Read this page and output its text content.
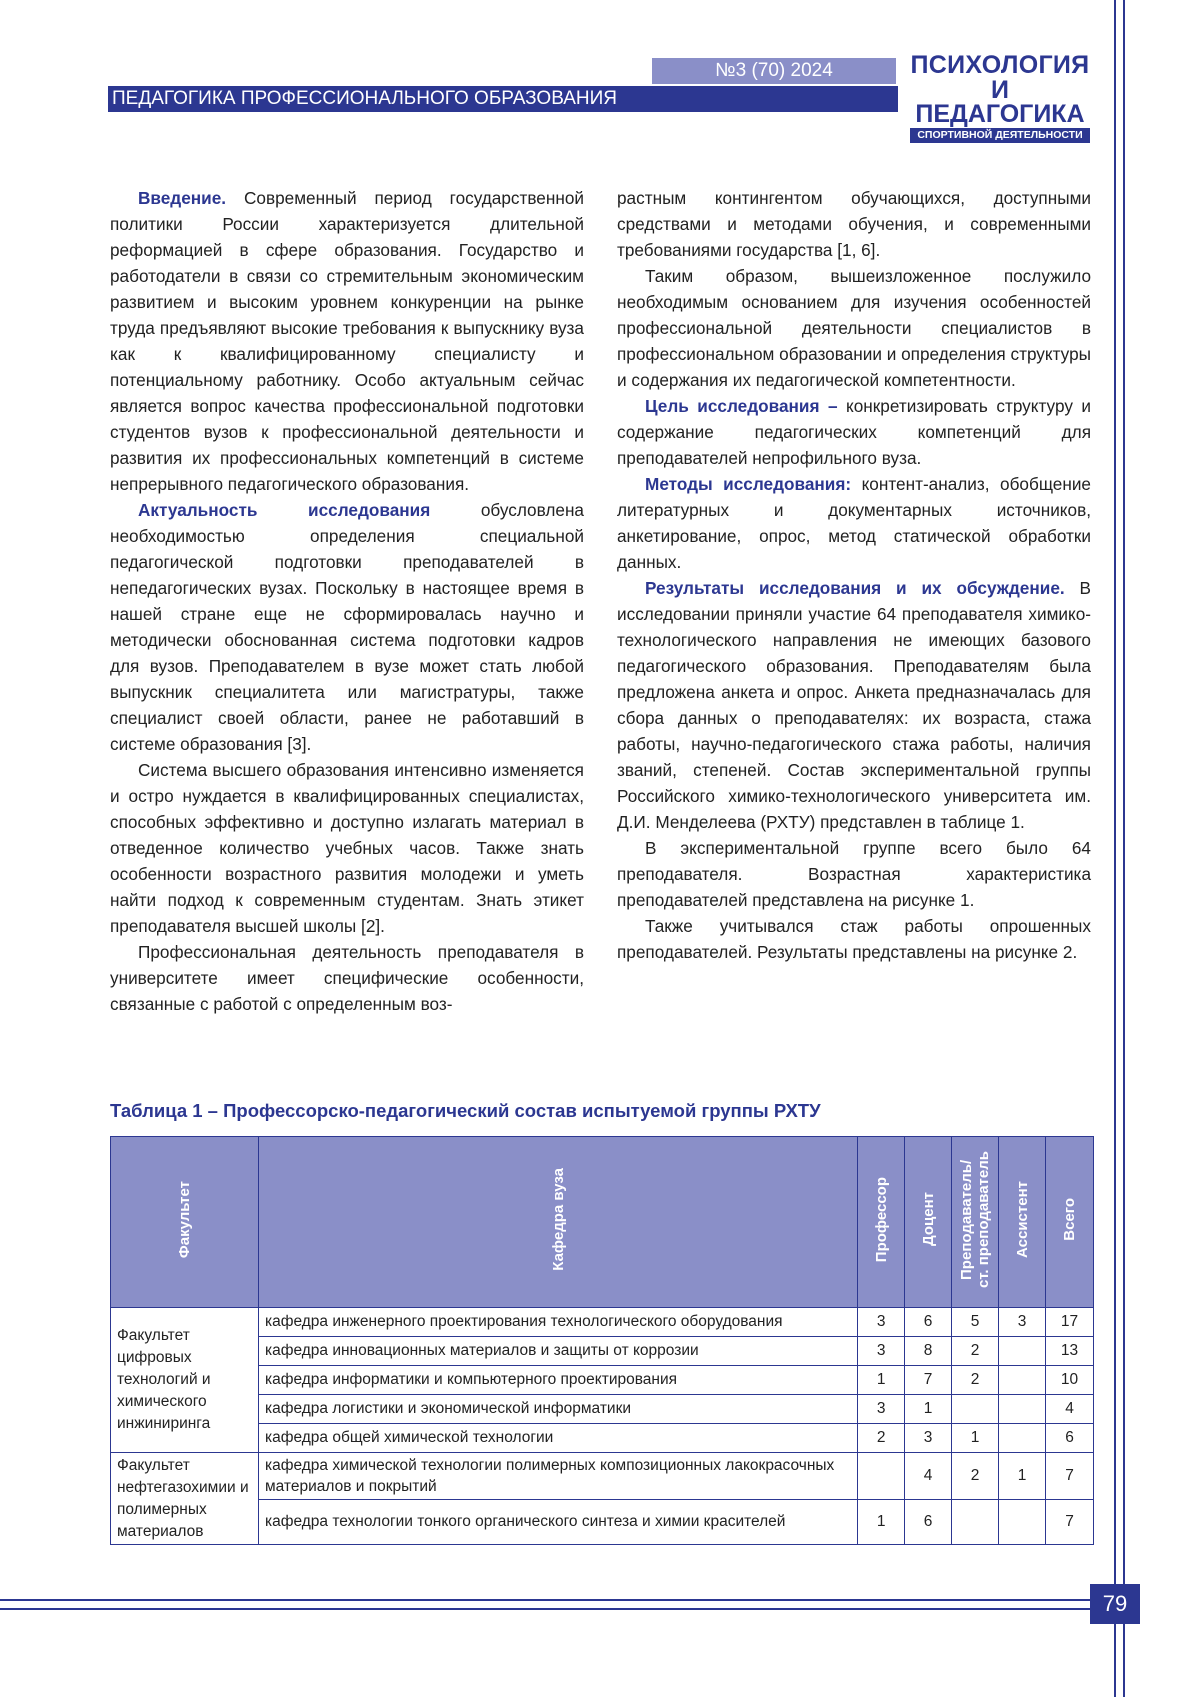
№3 (70) 2024
ПЕДАГОГИКА ПРОФЕССИОНАЛЬНОГО ОБРАЗОВАНИЯ
ПСИХОЛОГИЯ
И ПЕДАГОГИКА
СПОРТИВНОЙ ДЕЯТЕЛЬНОСТИ

Введение. Современный период государственной политики России характеризуется длительной реформацией в сфере образования. Государство и работодатели в связи со стремительным экономическим развитием и высоким уровнем конкуренции на рынке труда предъявляют высокие требования к выпускнику вуза как к квалифицированному специалисту и потенциальному работнику. Особо актуальным сейчас является вопрос качества профессиональной подготовки студентов вузов к профессиональной деятельности и развития их профессиональных компетенций в системе непрерывного педагогического образования.

Актуальность исследования обусловлена необходимостью определения специальной педагогической подготовки преподавателей в непедагогических вузах. Поскольку в настоящее время в нашей стране еще не сформировалась научно и методически обоснованная система подготовки кадров для вузов. Преподавателем в вузе может стать любой выпускник специалитета или магистратуры, также специалист своей области, ранее не работавший в системе образования [3].

Система высшего образования интенсивно изменяется и остро нуждается в квалифицированных специалистах, способных эффективно и доступно излагать материал в отведенное количество учебных часов. Также знать особенности возрастного развития молодежи и уметь найти подход к современным студентам. Знать этикет преподавателя высшей школы [2].

Профессиональная деятельность преподавателя в университете имеет специфические особенности, связанные с работой с определенным воз-

растным контингентом обучающихся, доступными средствами и методами обучения, и современными требованиями государства [1, 6].

Таким образом, вышеизложенное послужило необходимым основанием для изучения особенностей профессиональной деятельности специалистов в профессиональном образовании и определения структуры и содержания их педагогической компетентности.

Цель исследования – конкретизировать структуру и содержание педагогических компетенций для преподавателей непрофильного вуза.

Методы исследования: контент-анализ, обобщение литературных и документарных источников, анкетирование, опрос, метод статической обработки данных.

Результаты исследования и их обсуждение. В исследовании приняли участие 64 преподавателя химико-технологического направления не имеющих базового педагогического образования. Преподавателям была предложена анкета и опрос. Анкета предназначалась для сбора данных о преподавателях: их возраста, стажа работы, научно-педагогического стажа работы, наличия званий, степеней. Состав экспериментальной группы Российского химико-технологического университета им. Д.И. Менделеева (РХТУ) представлен в таблице 1.

В экспериментальной группе всего было 64 преподавателя. Возрастная характеристика преподавателей представлена на рисунке 1.

Также учитывался стаж работы опрошенных преподавателей. Результаты представлены на рисунке 2.

Таблица 1 – Профессорско-педагогический состав испытуемой группы РХТУ
Факультет	Кафедра вуза	Профессор	Доцент	Преподаватель/
ст. преподаватель	Ассистент	Всего
Факультет цифровых технологий и химического инжиниринга	кафедра инженерного проектирования технологического оборудования	3	6	5	3	17
	кафедра инновационных материалов и защиты от коррозии	3	8	2		13
	кафедра информатики и компьютерного проектирования	1	7	2		10
	кафедра логистики и экономической информатики	3	1			4
	кафедра общей химической технологии	2	3	1		6
Факультет нефтегазохимии и полимерных материалов	кафедра химической технологии полимерных композиционных лакокрасочных материалов и покрытий		4	2	1	7
	кафедра технологии тонкого органического синтеза и химии красителей	1	6			7
79
